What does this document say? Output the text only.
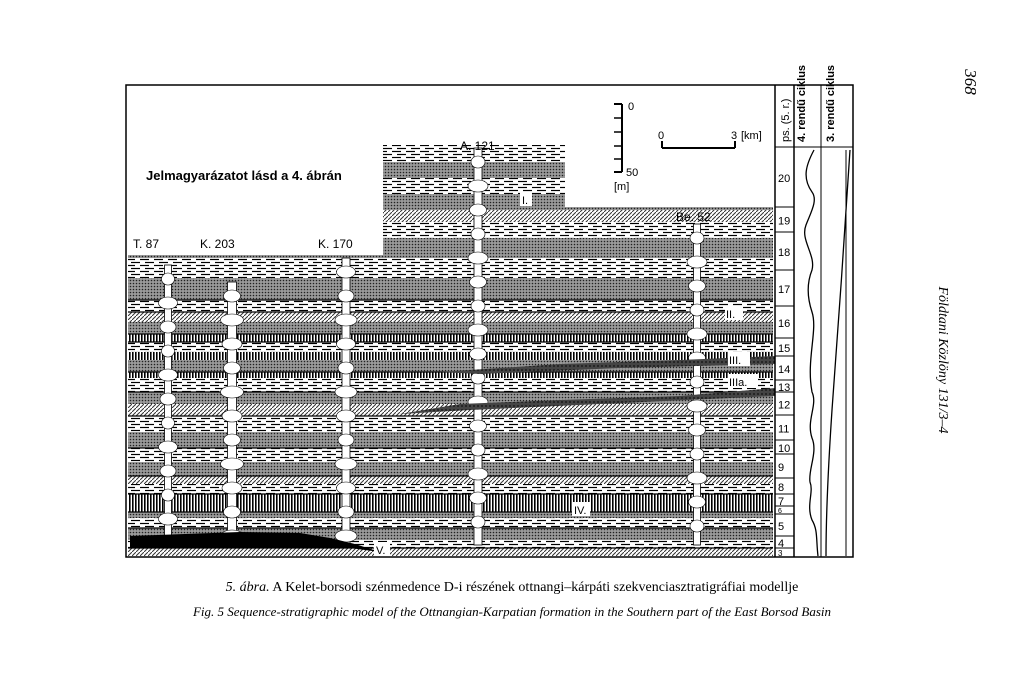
T. 87	K. 203	K. 170
A. 121
Be. 52
Jelmagyarázatot lásd a 4. ábrán
0
50
[m]
0	3 [km]
20
19
18
17
16
15
14
13
12
11
10
9
8
7
6
5
4
3
ps. (5. r.) 4. rendű ciklus 3. rendű ciklus
I.
II.
III.
IIIa.
IV.
V.
368
Földtani Közlöny 131/3–4
5. ábra. A Kelet-borsodi szénmedence D-i részének ottnangi–kárpáti szekvenciasztratigráfiai modellje
Fig. 5 Sequence-stratigraphic model of the Ottnangian-Karpatian formation in the Southern part of the East Borsod Basin
